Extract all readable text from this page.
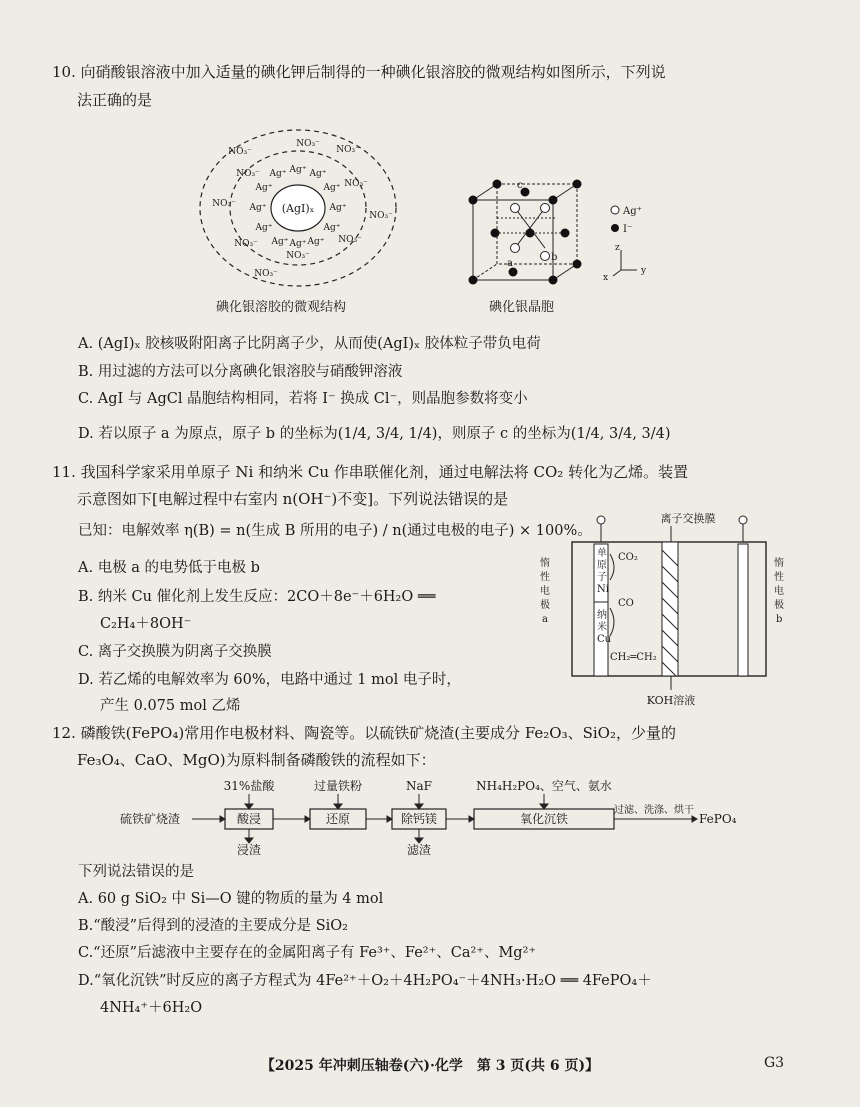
10. 向硝酸银溶液中加入适量的碘化钾后制得的一种碘化银溶胶的微观结构如图所示，下列说
法正确的是
(AgI)ₓ
Ag⁺
Ag⁺	Ag⁺
Ag⁺	Ag⁺
Ag⁺	Ag⁺
Ag⁺	Ag⁺
Ag⁺ Ag⁺ Ag⁺
NO₃⁻
NO₃⁻
NO₃⁻
NO₃⁻
NO₃⁻
NO₃⁻
NO₃⁻
NO₃⁻	NO₃⁻
NO₃⁻
NO₃⁻
碘化银溶胶的微观结构
c
a
b
Ag⁺
I⁻
z
y
x
碘化银晶胞
A. (AgI)ₓ 胶核吸附阳离子比阴离子少，从而使(AgI)ₓ 胶体粒子带负电荷
B. 用过滤的方法可以分离碘化银溶胶与硝酸钾溶液
C. AgI 与 AgCl 晶胞结构相同，若将 I⁻ 换成 Cl⁻，则晶胞参数将变小
D. 若以原子 a 为原点，原子 b 的坐标为(1/4, 3/4, 1/4)，则原子 c 的坐标为(1/4, 3/4, 3/4)
11. 我国科学家采用单原子 Ni 和纳米 Cu 作串联催化剂，通过电解法将 CO₂ 转化为乙烯。装置
示意图如下[电解过程中右室内 n(OH⁻)不变]。下列说法错误的是
已知：电解效率 η(B) = n(生成 B 所用的电子) / n(通过电极的电子) × 100%。
A. 电极 a 的电势低于电极 b
B. 纳米 Cu 催化剂上发生反应：2CO＋8e⁻＋6H₂O ══
C₂H₄＋8OH⁻
C. 离子交换膜为阴离子交换膜
D. 若乙烯的电解效率为 60%，电路中通过 1 mol 电子时，
产生 0.075 mol 乙烯
离子交换膜
单原子 Ni
纳米 Cu
CO₂
CO
CH₂═CH₂
惰性电极 a
惰性电极 b
KOH溶液
12. 磷酸铁(FePO₄)常用作电极材料、陶瓷等。以硫铁矿烧渣(主要成分 Fe₂O₃、SiO₂，少量的
Fe₃O₄、CaO、MgO)为原料制备磷酸铁的流程如下：
31%盐酸	过量铁粉	NaF	NH₄H₂PO₄、空气、氨水
硫铁矿烧渣	酸浸	还原	除钙镁	氧化沉铁
过滤、洗涤、烘干
FePO₄
浸渣	滤渣
下列说法错误的是
A. 60 g SiO₂ 中 Si—O 键的物质的量为 4 mol
B.“酸浸”后得到的浸渣的主要成分是 SiO₂
C.“还原”后滤液中主要存在的金属阳离子有 Fe³⁺、Fe²⁺、Ca²⁺、Mg²⁺
D.“氧化沉铁”时反应的离子方程式为 4Fe²⁺＋O₂＋4H₂PO₄⁻＋4NH₃·H₂O ══ 4FePO₄＋
4NH₄⁺＋6H₂O
【2025 年冲刺压轴卷(六)·化学　第 3 页(共 6 页)】	G3
